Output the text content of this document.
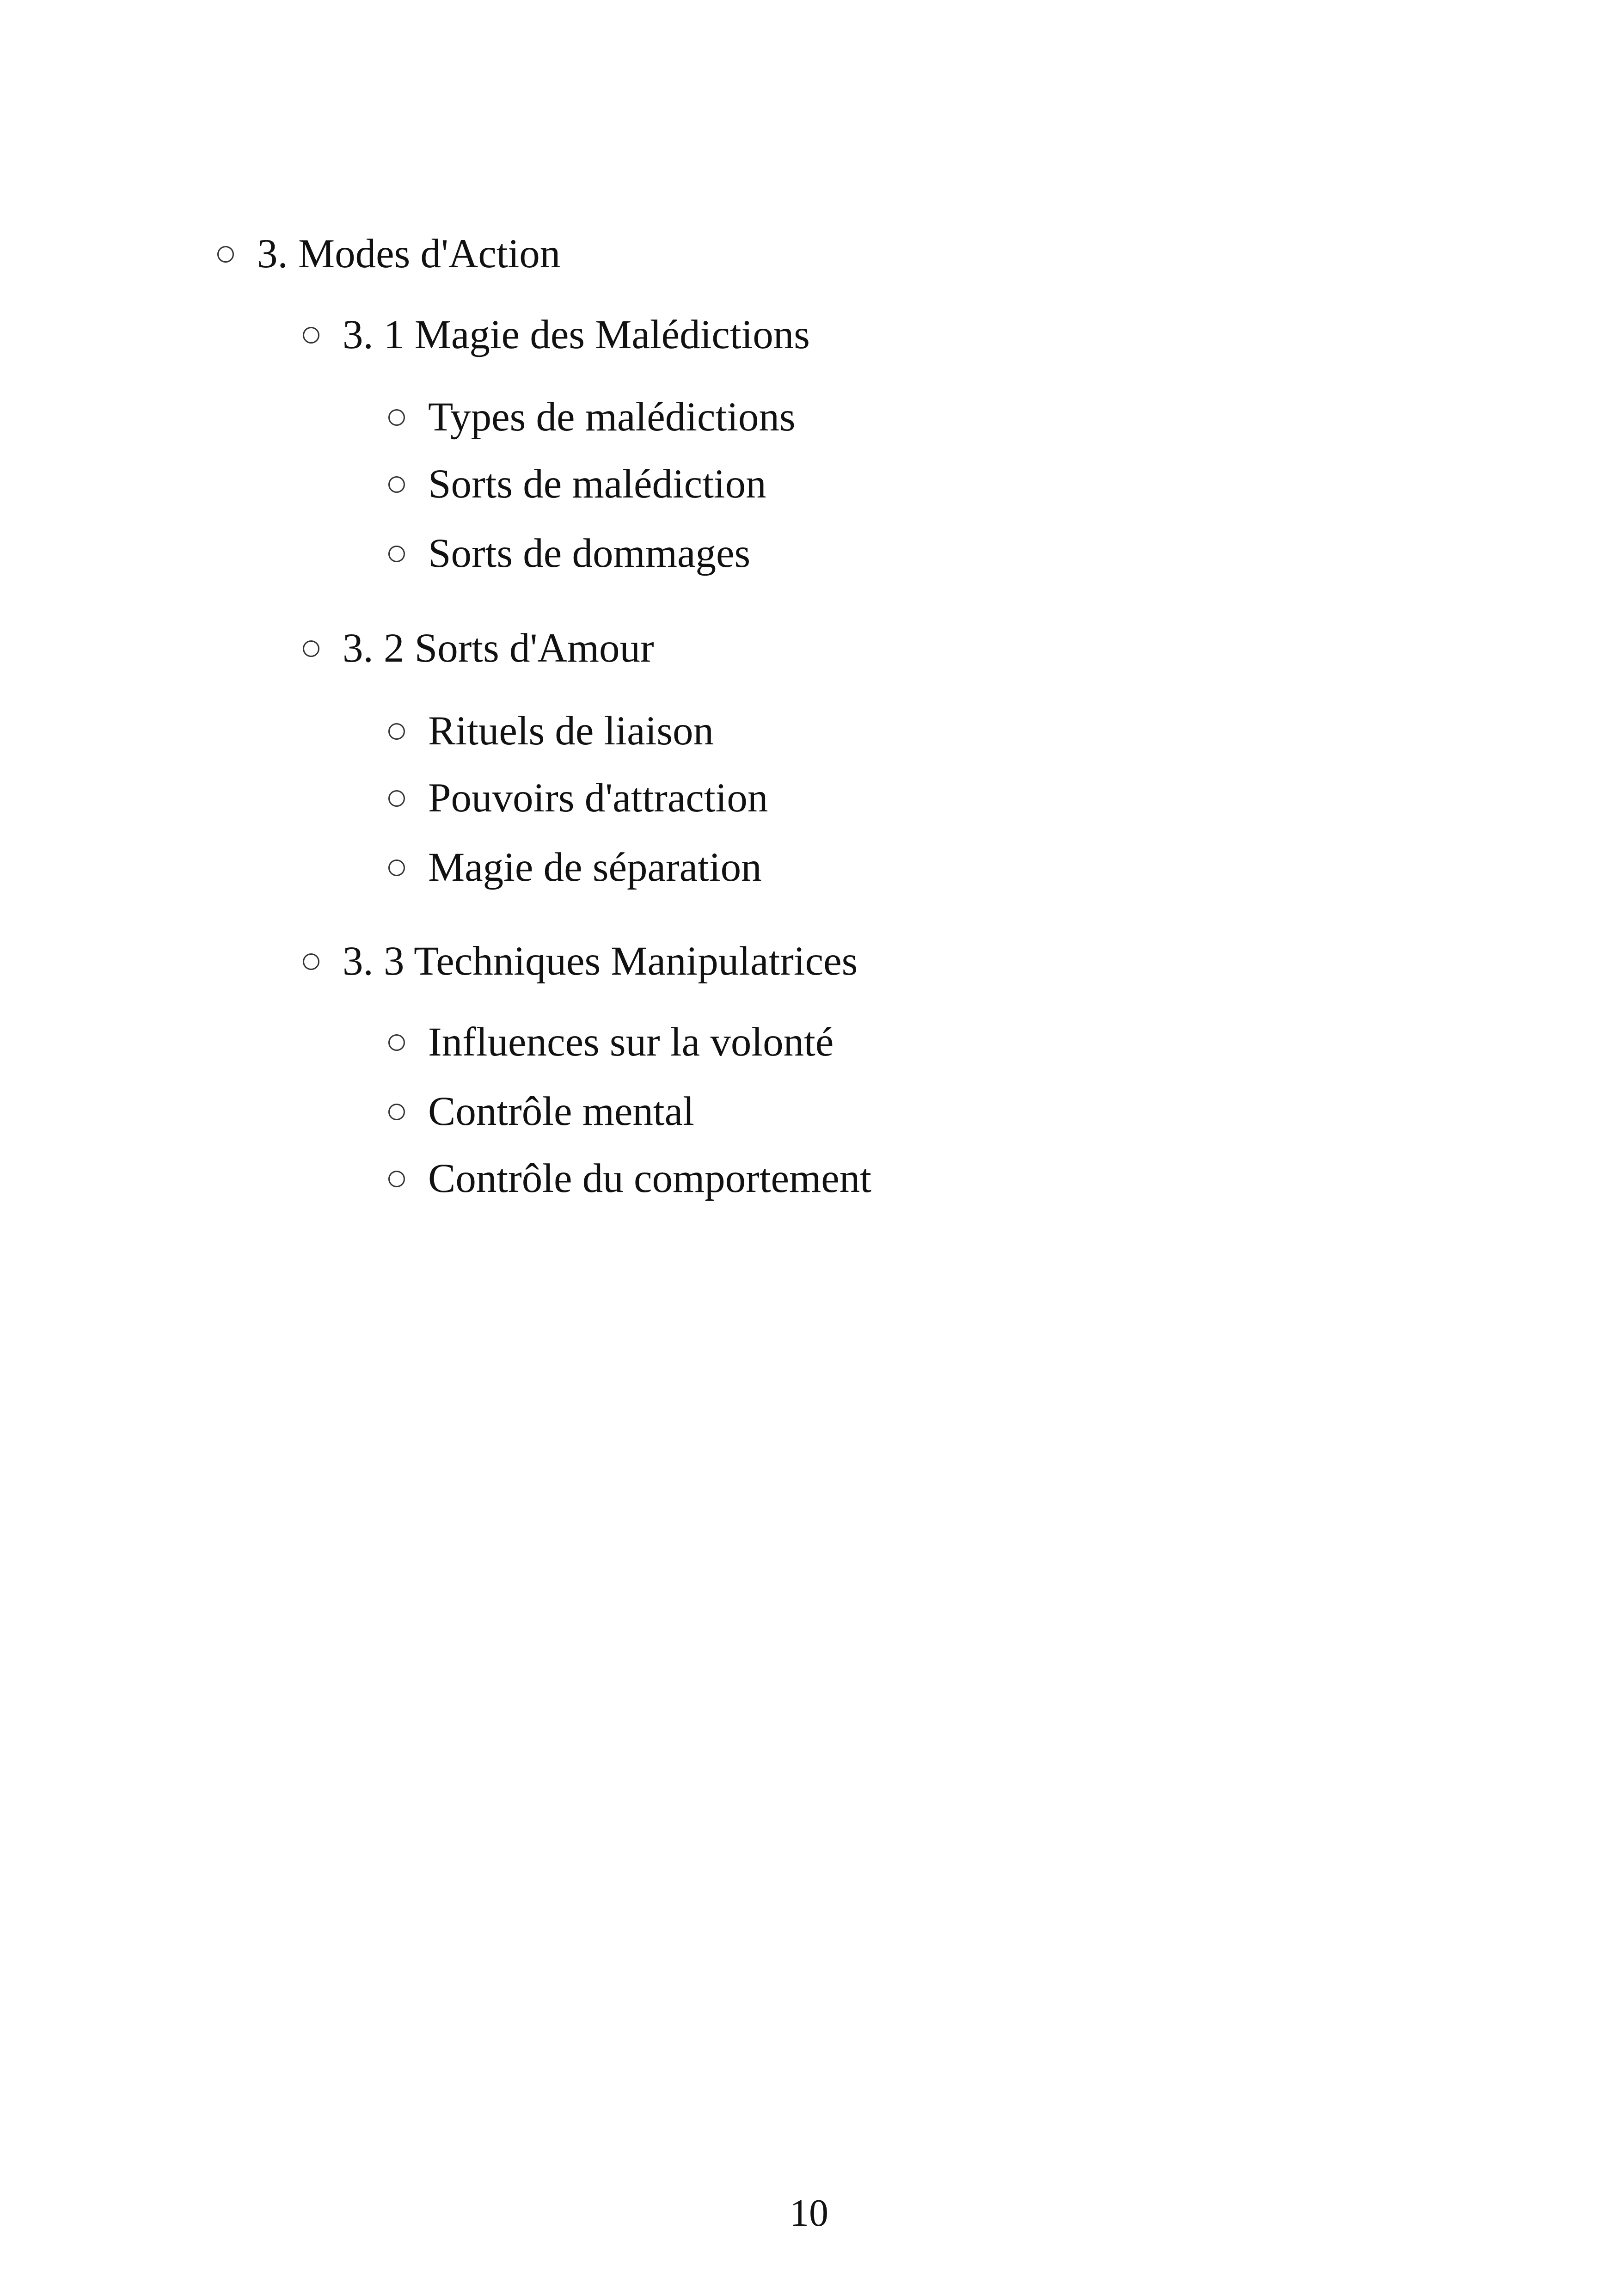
3. Modes d'Action
3. 1 Magie des Malédictions
Types de malédictions
Sorts de malédiction
Sorts de dommages
3. 2 Sorts d'Amour
Rituels de liaison
Pouvoirs d'attraction
Magie de séparation
3. 3 Techniques Manipulatrices
Influences sur la volonté
Contrôle mental
Contrôle du comportement
10
